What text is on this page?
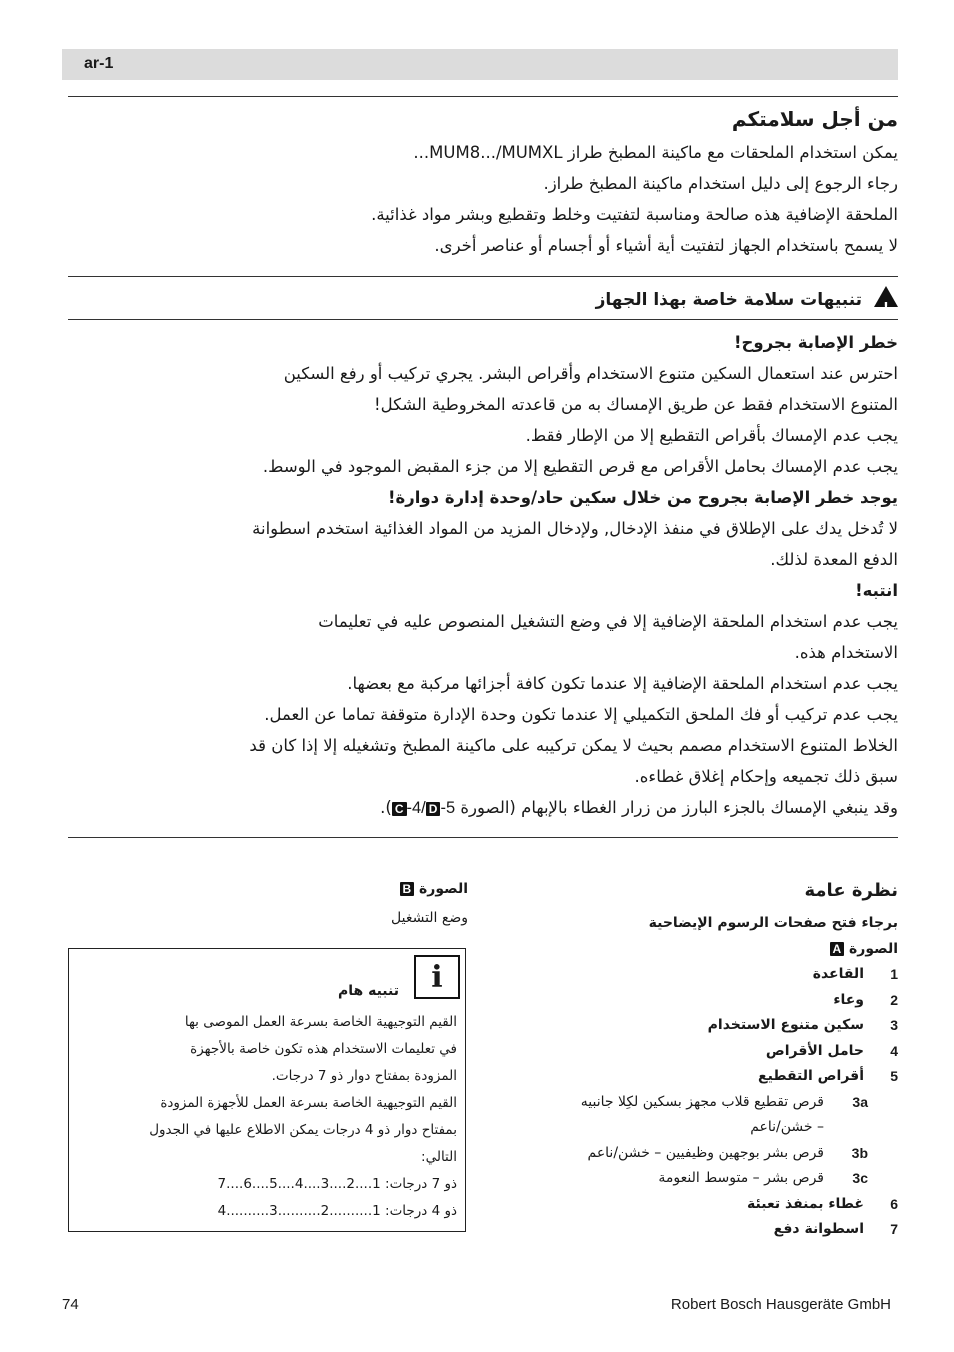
ar-1
من أجل سلامتكم
يمكن استخدام الملحقات مع ماكينة المطبخ طراز MUM8.../MUMXL...
رجاء الرجوع إلى دليل استخدام ماكينة المطبخ طراز.
الملحقة الإضافية هذه صالحة ومناسبة لتفتيت وخلط وتقطيع وبشر مواد غذائية.
لا يسمح باستخدام الجهاز لتفتيت أية أشياء أو أجسام أو عناصر أخرى.
! تنبيهات سلامة خاصة بهذا الجهاز
خطر الإصابة بجروح!
احترس عند استعمال السكين متنوع الاستخدام وأقراص البشر. يجري تركيب أو رفع السكين
المتنوع الاستخدام فقط عن طريق الإمساك به من قاعدته المخروطية الشكل!
يجب عدم الإمساك بأقراص التقطيع إلا من الإطار فقط.
يجب عدم الإمساك بحامل الأقراص مع قرص التقطيع إلا من جزء المقبض الموجود في الوسط.
يوجد خطر الإصابة بجروح من خلال سكين حاد/وحدة إدارة دوارة!
لا تُدخل يدك على الإطلاق في منفذ الإدخال, ولإدخال المزيد من المواد الغذائية استخدم اسطوانة
الدفع المعدة لذلك.
انتبه!
يجب عدم استخدام الملحقة الإضافية إلا في وضع التشغيل المنصوص عليه في تعليمات
الاستخدام هذه.
يجب عدم استخدام الملحقة الإضافية إلا عندما تكون كافة أجزائها مركبة مع بعضها.
يجب عدم تركيب أو فك الملحق التكميلي إلا عندما تكون وحدة الإدارة متوقفة تماما عن العمل.
الخلاط المتنوع الاستخدام مصمم بحيث لا يمكن تركيبه على ماكينة المطبخ وتشغيله إلا إذا كان قد
سبق ذلك تجميعه وإحكام إغلاق غطاءه.
وقد ينبغي الإمساك بالجزء البارز من زرار الغطاء بالإبهام (الصورة C -4/ D -5).
نظرة عامة
برجاء فتح صفحات الرسوم الإيضاحية
الصورة A
1
القاعدة
2
وعاء
3
سكين متنوع الاستخدام
4
حامل الأقراص
5
أقراص التقطيع
3a
قرص تقطيع قلاب مجهز بسكين لكِلا جانبيه
– خشن/ناعم
3b
قرص بشر بوجهين وظيفيين – خشن/ناعم
3c
قرص بشر – متوسط النعومة
6
غطاء بمنفذ تعبئة
7
اسطوانة دفع
الصورة B
وضع التشغيل
i
تنبيه هام
القيم التوجيهية الخاصة بسرعة العمل الموصى بها
في تعليمات الاستخدام هذه تكون خاصة بالأجهزة
المزودة بمفتاح دوار ذو 7 درجات.
القيم التوجيهية الخاصة بسرعة العمل للأجهزة المزودة
بمفتاح دوار ذو 4 درجات يمكن الاطلاع عليها في الجدول
التالي:
ذو 7 درجات: 1....2....3....4....5....6....7
ذو 4 درجات: 1..........2..........3..........4
74	Robert Bosch Hausgeräte GmbH
